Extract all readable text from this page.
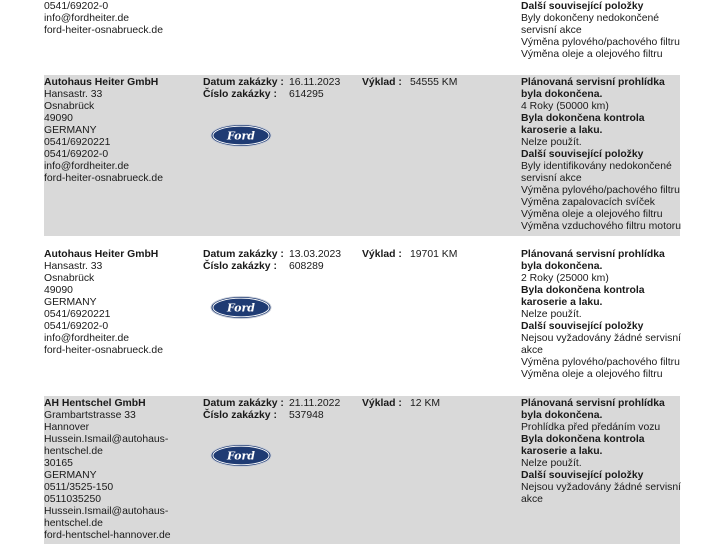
0541/69202-0
info@fordheiter.de
ford-heiter-osnabrueck.de
Další související položky
Byly dokončeny nedokončené servisní akce
Výměna pylového/pachového filtru
Výměna oleje a olejového filtru
Autohaus Heiter GmbH
Hansastr. 33
Osnabrück
49090
GERMANY
0541/6920221
0541/69202-0
info@fordheiter.de
ford-heiter-osnabrueck.de
Datum zakázky : 16.11.2023
Číslo zakázky : 614295
Výklad : 54555 KM
Ford
Plánovaná servisní prohlídka byla dokončena.
4 Roky (50000 km)
Byla dokončena kontrola karoserie a laku.
Nelze použít.
Další související položky
Byly identifikovány nedokončené servisní akce
Výměna pylového/pachového filtru
Výměna zapalovacích svíček
Výměna oleje a olejového filtru
Výměna vzduchového filtru motoru
Autohaus Heiter GmbH
Hansastr. 33
Osnabrück
49090
GERMANY
0541/6920221
0541/69202-0
info@fordheiter.de
ford-heiter-osnabrueck.de
Datum zakázky : 13.03.2023
Číslo zakázky : 608289
Výklad : 19701 KM
Ford
Plánovaná servisní prohlídka byla dokončena.
2 Roky (25000 km)
Byla dokončena kontrola karoserie a laku.
Nelze použít.
Další související položky
Nejsou vyžadovány žádné servisní akce
Výměna pylového/pachového filtru
Výměna oleje a olejového filtru
AH Hentschel GmbH
Grambartstrasse 33
Hannover
Hussein.Ismail@autohaus-
hentschel.de
30165
GERMANY
0511/3525-150
0511035250
Hussein.Ismail@autohaus-
hentschel.de
ford-hentschel-hannover.de
Datum zakázky : 21.11.2022
Číslo zakázky : 537948
Výklad : 12 KM
Ford
Plánovaná servisní prohlídka byla dokončena.
Prohlídka před předáním vozu
Byla dokončena kontrola karoserie a laku.
Nelze použít.
Další související položky
Nejsou vyžadovány žádné servisní akce
